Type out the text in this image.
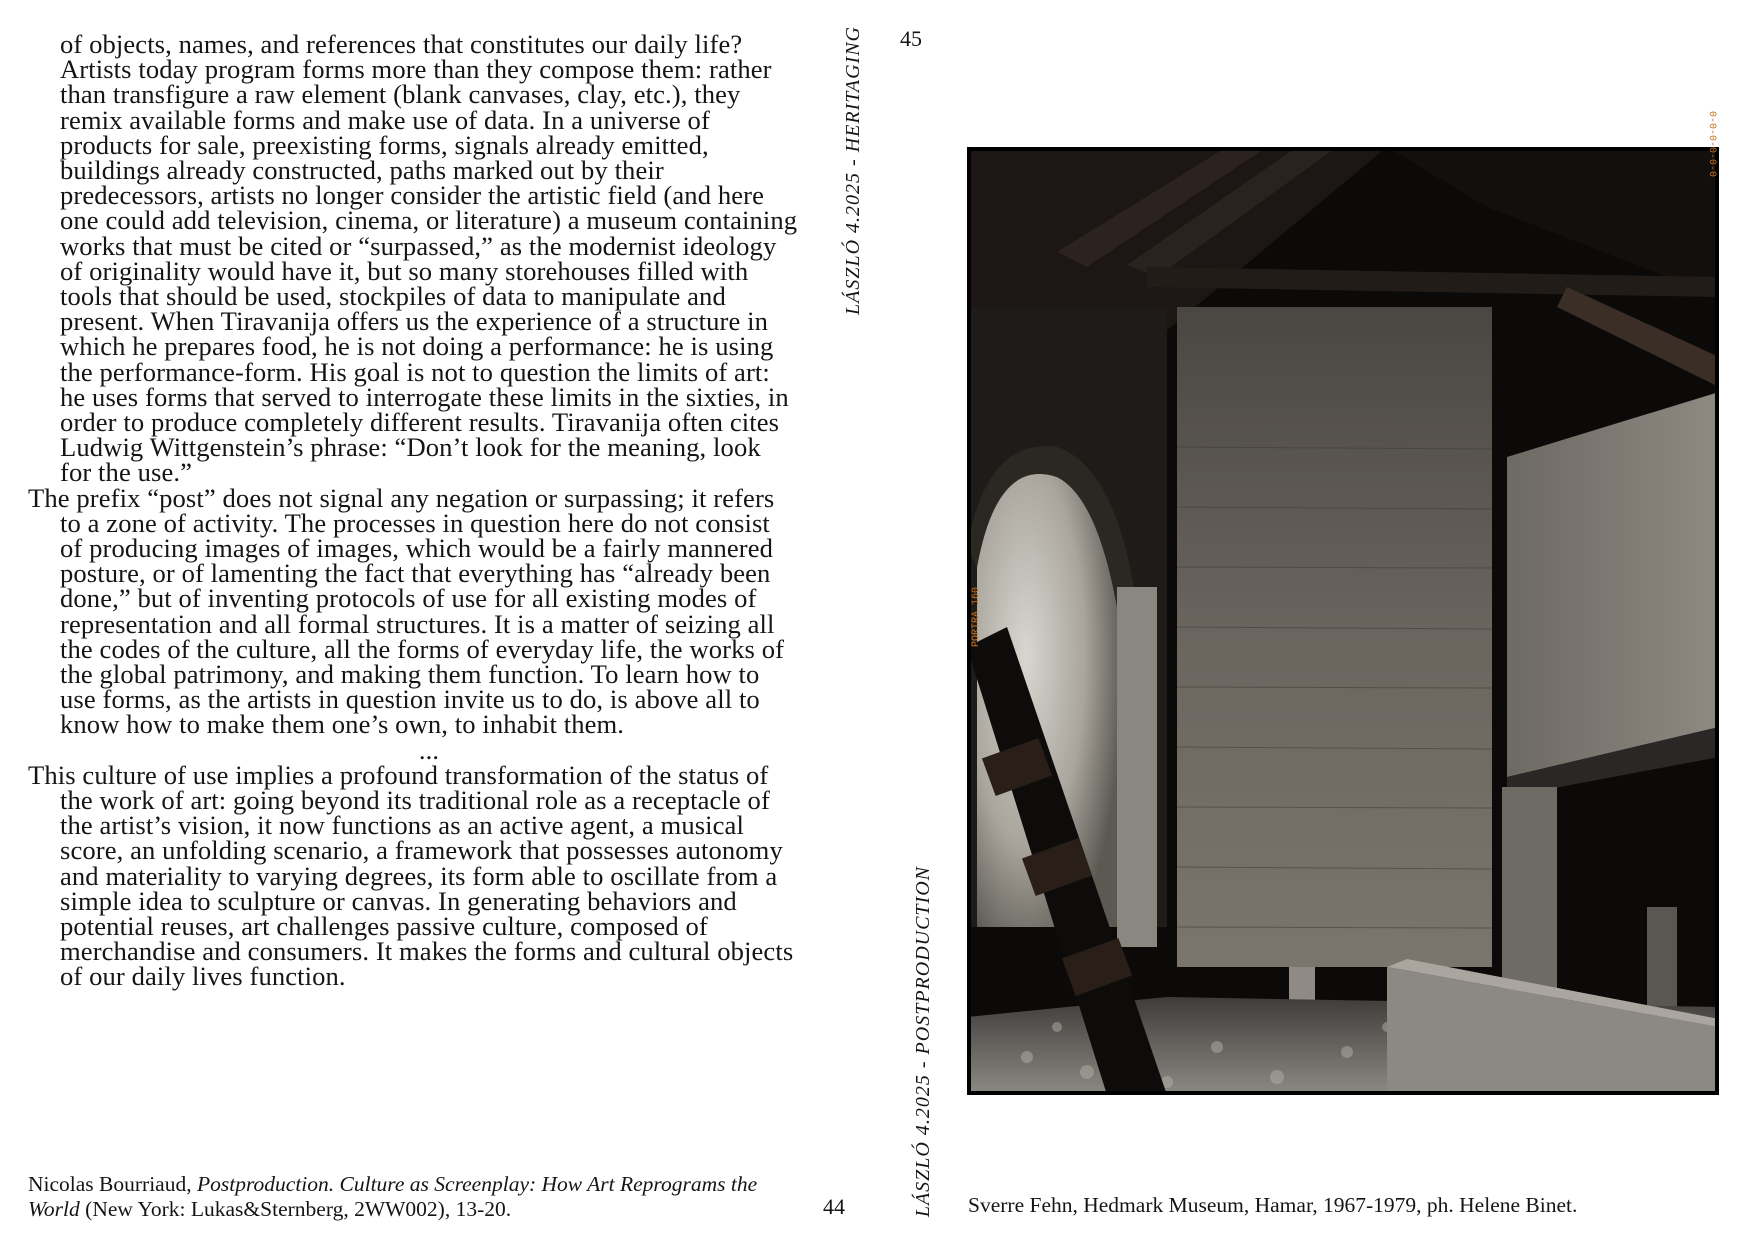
of objects, names, and references that constitutes our daily life? Artists today program forms more than they compose them: rather than transfigure a raw element (blank canvases, clay, etc.), they remix available forms and make use of data. In a universe of products for sale, preexisting forms, signals already emitted, buildings already constructed, paths marked out by their predecessors, artists no longer consider the artistic field (and here one could add television, cinema, or literature) a museum containing works that must be cited or “surpassed,” as the modernist ideology of originality would have it, but so many storehouses filled with tools that should be used, stockpiles of data to manipulate and present. When Tiravanija offers us the experience of a structure in which he prepares food, he is not doing a performance: he is using the performance-form. His goal is not to question the limits of art: he uses forms that served to interrogate these limits in the sixties, in order to produce completely different results. Tiravanija often cites Ludwig Wittgenstein’s phrase: “Don’t look for the meaning, look for the use.”

The prefix “post” does not signal any negation or surpassing; it refers to a zone of activity. The processes in question here do not consist of producing images of images, which would be a fairly mannered posture, or of lamenting the fact that everything has “already been done,” but of inventing protocols of use for all existing modes of representation and all formal structures. It is a matter of seizing all the codes of the culture, all the forms of everyday life, the works of the global patrimony, and making them function. To learn how to use forms, as the artists in question invite us to do, is above all to know how to make them one’s own, to inhabit them.

...

This culture of use implies a profound transformation of the status of the work of art: going beyond its traditional role as a receptacle of the artist’s vision, it now functions as an active agent, a musical score, an unfolding scenario, a framework that possesses autonomy and materiality to varying degrees, its form able to oscillate from a simple idea to sculpture or canvas. In generating behaviors and potential reuses, art challenges passive culture, composed of merchandise and consumers. It makes the forms and cultural objects of our daily lives function.

LÁSZLÓ 4.2025 - HERITAGING
LÁSZLÓ 4.2025 - POSTPRODUCTION
45
44
Nicolas Bourriaud, Postproduction. Culture as Screenplay: How Art Reprograms the World (New York: Lukas&Sternberg, 2WW002), 13-20.
PORTRA 160
0-0-0-0-0-0
Sverre Fehn, Hedmark Museum, Hamar, 1967-1979, ph. Helene Binet.
